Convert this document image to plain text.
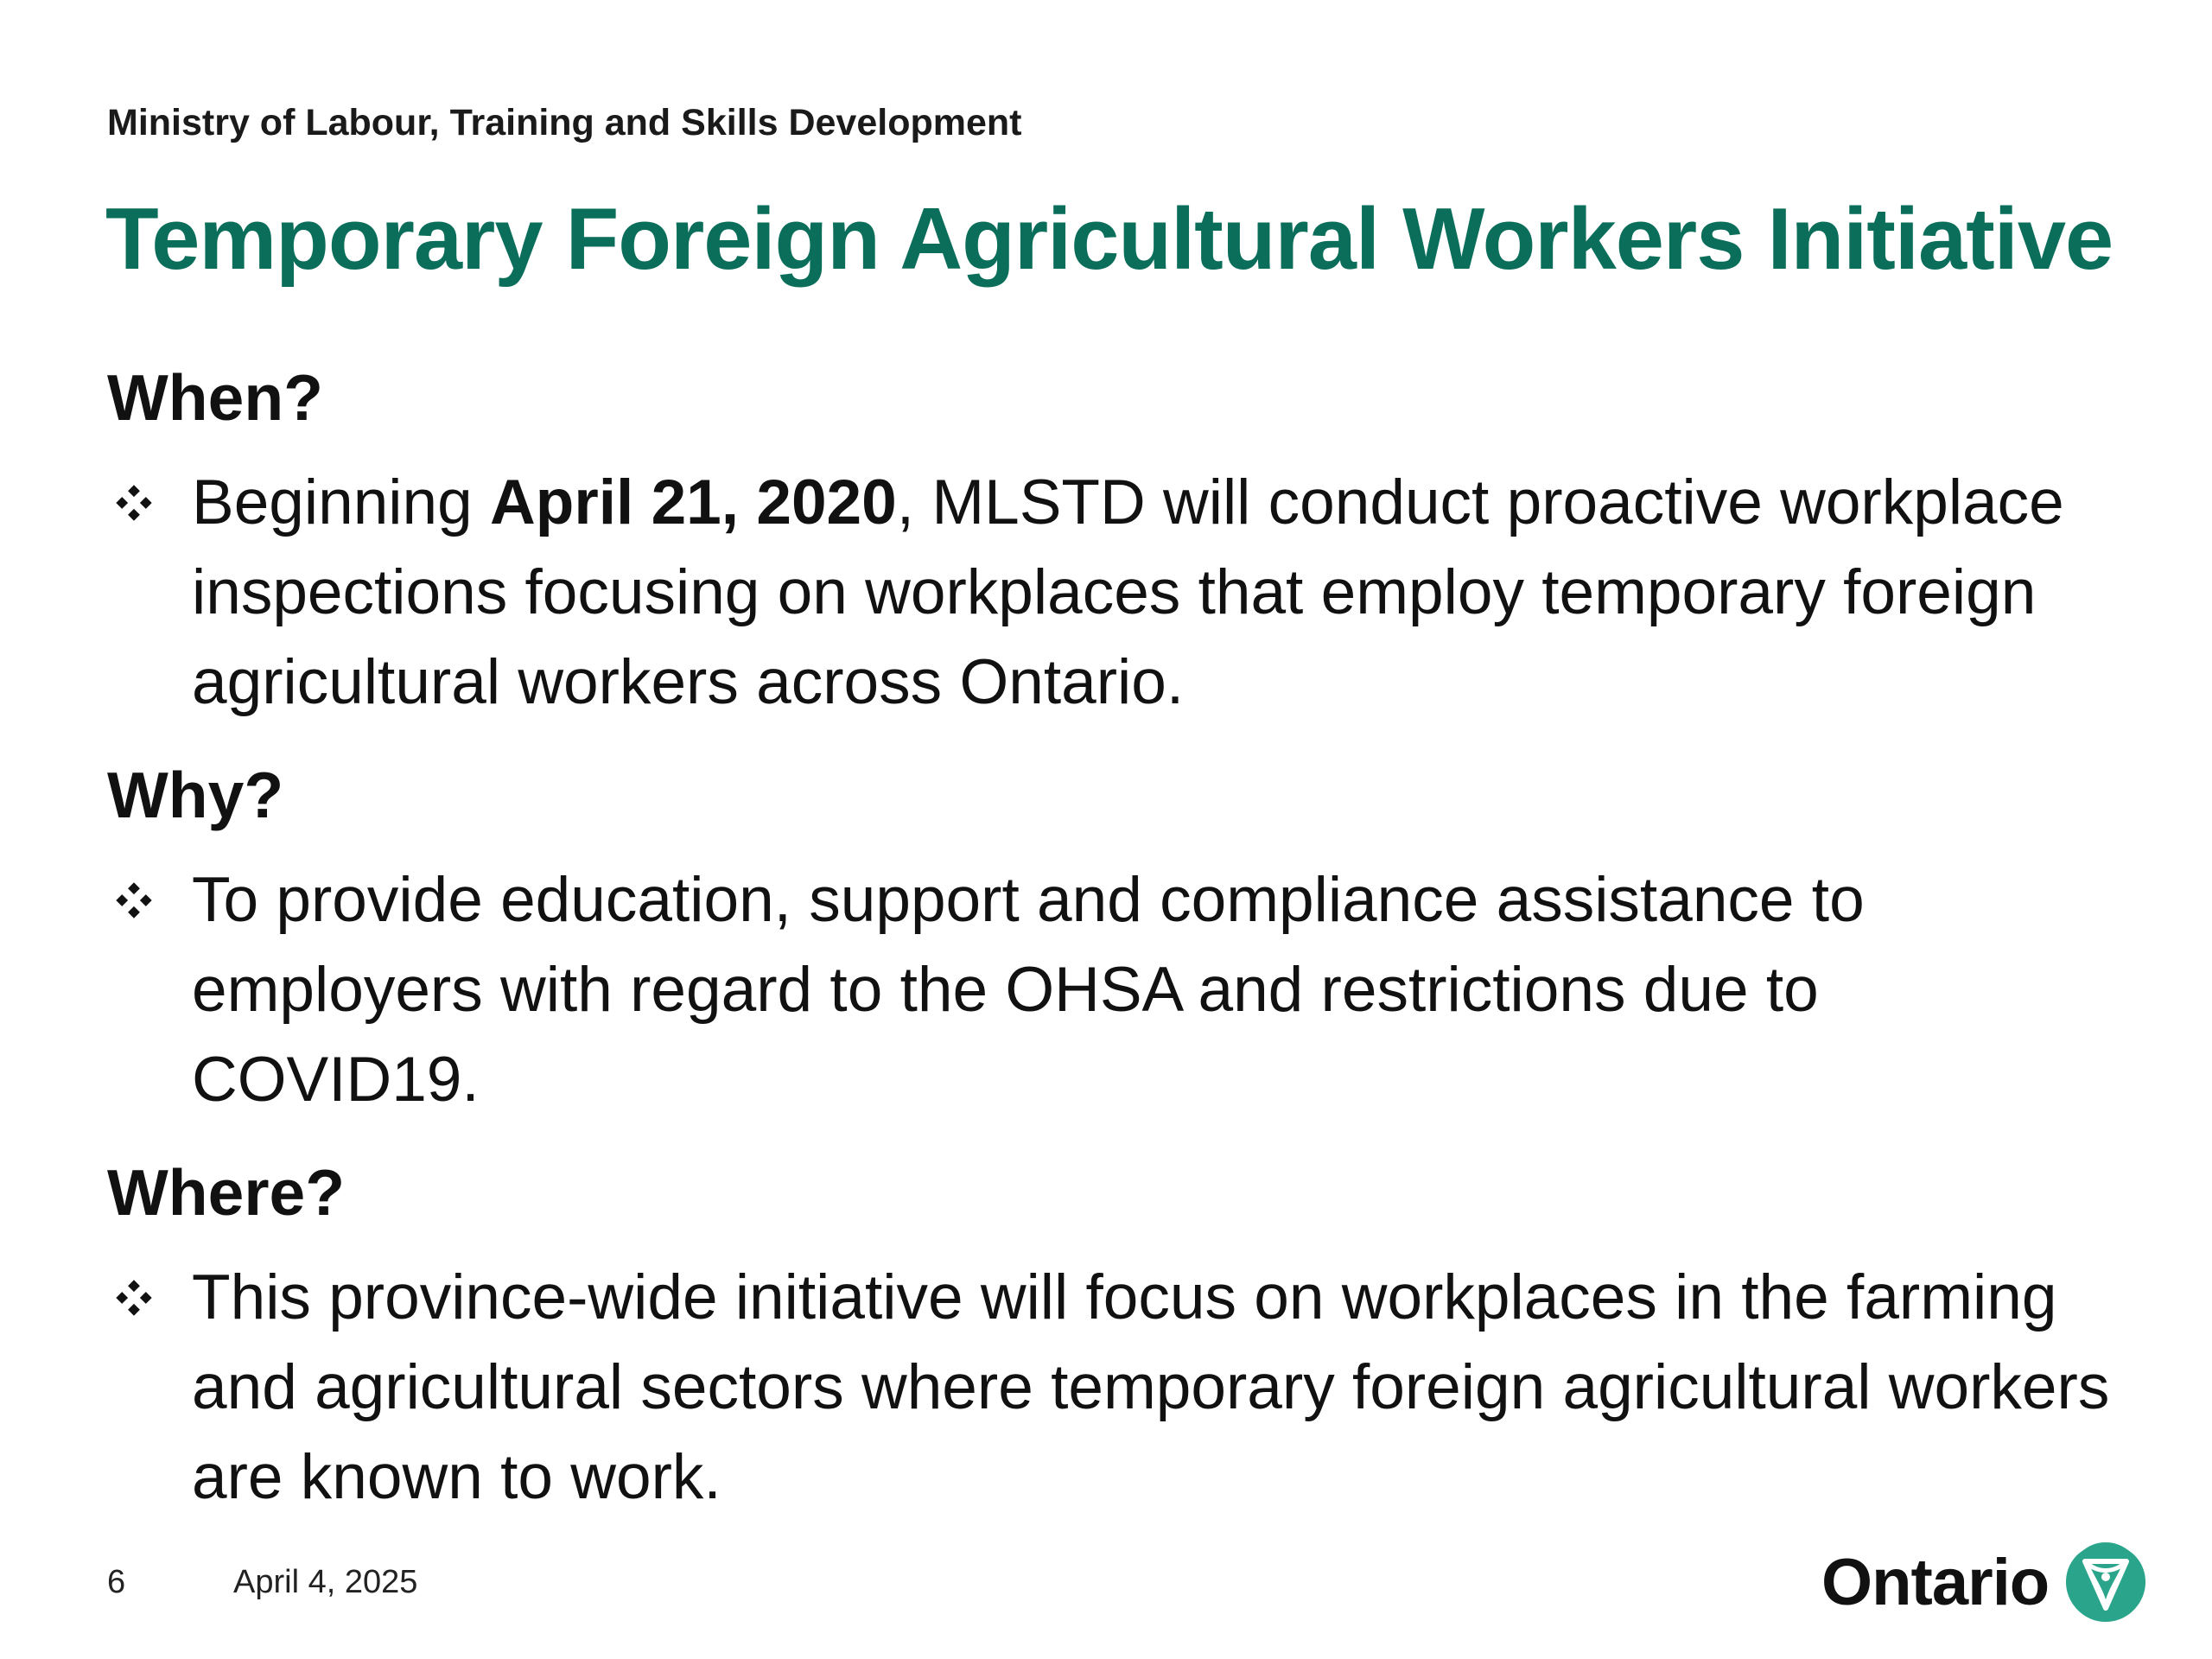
Ministry of Labour, Training and Skills Development
Temporary Foreign Agricultural Workers Initiative
When?
Beginning April 21, 2020, MLSTD will conduct proactive workplace inspections focusing on workplaces that employ temporary foreign agricultural workers across Ontario.
Why?
To provide education, support and compliance assistance to employers with regard to the OHSA and restrictions due to COVID19.
Where?
This province-wide initiative will focus on workplaces in the farming and agricultural sectors where temporary foreign agricultural workers are known to work.
6	April 4, 2025	Ontario
